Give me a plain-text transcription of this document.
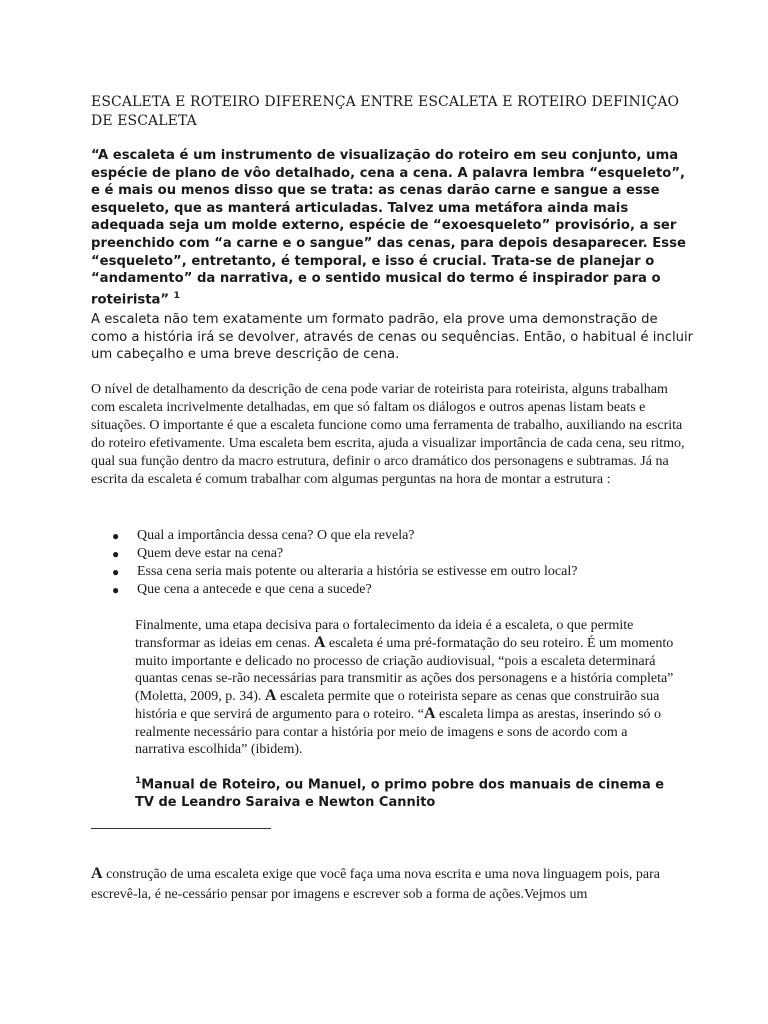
ESCALETA E ROTEIRO DIFERENÇA ENTRE ESCALETA E ROTEIRO DEFINIÇAO DE ESCALETA
“A escaleta é um instrumento de visualização do roteiro em seu conjunto, uma espécie de plano de vôo detalhado, cena a cena. A palavra lembra “esqueleto”, e é mais ou menos disso que se trata: as cenas darão carne e sangue a esse esqueleto, que as manterá articuladas. Talvez uma metáfora ainda mais adequada seja um molde externo, espécie de “exoesqueleto” provisório, a ser preenchido com “a carne e o sangue” das cenas, para depois desaparecer. Esse “esqueleto”, entretanto, é temporal, e isso é crucial. Trata-se de planejar o “andamento” da narrativa, e o sentido musical do termo é inspirador para o roteirista” $^1$
A escaleta não tem exatamente um formato padrão, ela prove uma demonstração de como a história irá se devolver, através de cenas ou sequências. Então, o habitual é incluir um cabeçalho e uma breve descrição de cena.
O nível de detalhamento da descrição de cena pode variar de roteirista para roteirista, alguns trabalham com escaleta incrivelmente detalhadas, em que só faltam os diálogos e outros apenas listam beats e situações. O importante é que a escaleta funcione como uma ferramenta de trabalho, auxiliando na escrita do roteiro efetivamente. Uma escaleta bem escrita, ajuda a visualizar importância de cada cena, seu ritmo, qual sua função dentro da macro estrutura, definir o arco dramático dos personagens e subtramas. Já na escrita da escaleta é comum trabalhar com algumas perguntas na hora de montar a estrutura :
● Qual a importância dessa cena? O que ela revela?
● Quem deve estar na cena?
● Essa cena seria mais potente ou alteraria a história se estivesse em outro local?
● Que cena a antecede e que cena a sucede?
Finalmente, uma etapa decisiva para o fortalecimento da ideia é a escaleta, o que permite transformar as ideias em cenas. A escaleta é uma pré-formatação do seu roteiro. É um momento muito importante e delicado no processo de criação audiovisual, “pois a escaleta determinará quantas cenas se-rão necessárias para transmitir as ações dos personagens e a história completa” (Moletta, 2009, p. 34). A escaleta permite que o roteirista separe as cenas que construirão sua história e que servirá de argumento para o roteiro. “A escaleta limpa as arestas, inserindo só o realmente necessário para contar a história por meio de imagens e sons de acordo com a narrativa escolhida” (ibidem).
$^1$Manual de Roteiro, ou Manuel, o primo pobre dos manuais de cinema e TV de Leandro Saraiva e Newton Cannito
A construção de uma escaleta exige que você faça uma nova escrita e uma nova linguagem pois, para escrevê-la, é ne-cessário pensar por imagens e escrever sob a forma de ações.Vejmos um
